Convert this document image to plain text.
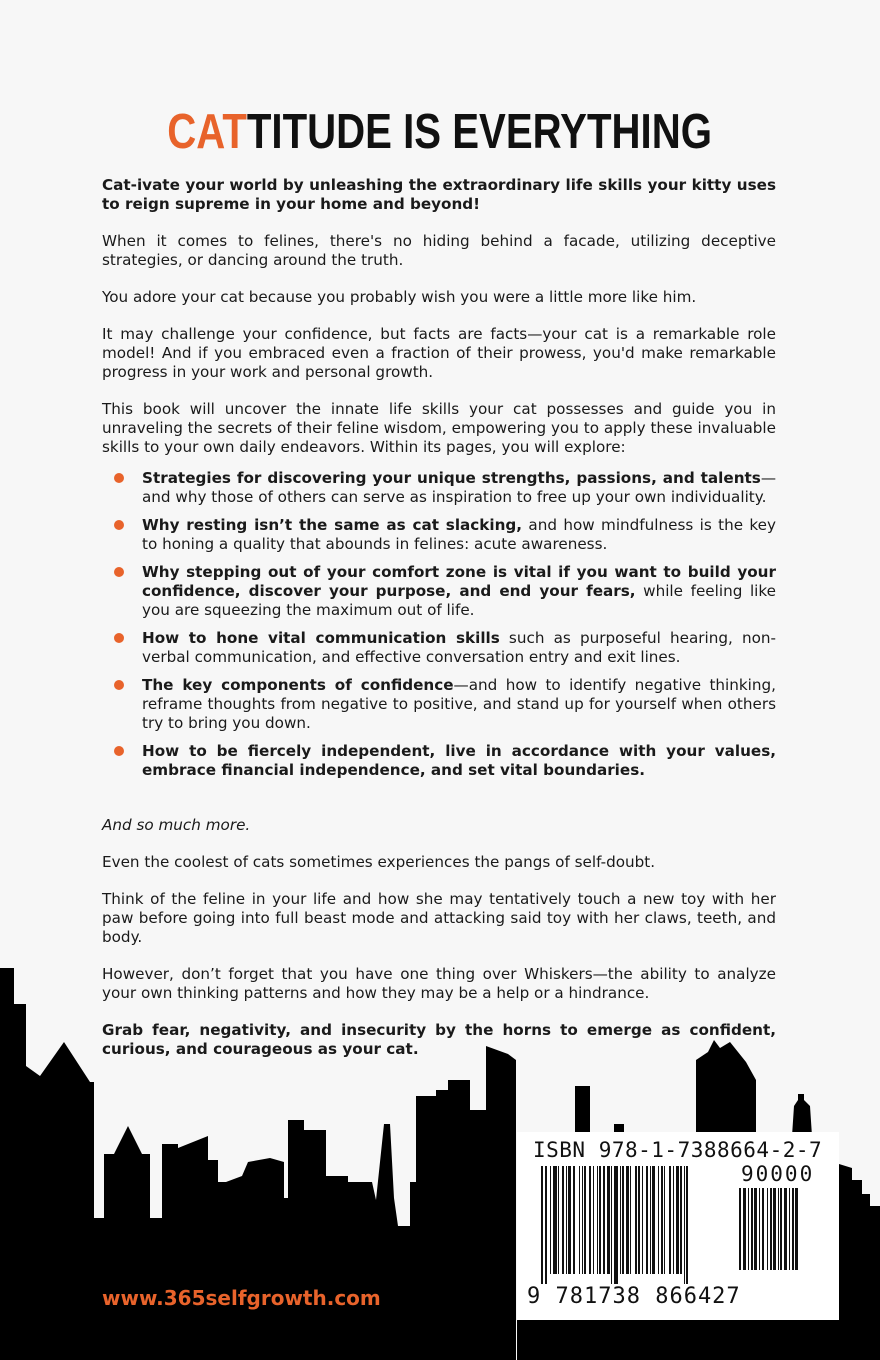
CATTITUDE IS EVERYTHING

Cat-ivate your world by unleashing the extraordinary life skills your kitty uses to reign supreme in your home and beyond!

When it comes to felines, there's no hiding behind a facade, utilizing deceptive strategies, or dancing around the truth.

You adore your cat because you probably wish you were a little more like him.

It may challenge your confidence, but facts are facts—your cat is a remarkable role model! And if you embraced even a fraction of their prowess, you'd make remarkable progress in your work and personal growth.

This book will uncover the innate life skills your cat possesses and guide you in unraveling the secrets of their feline wisdom, empowering you to apply these invaluable skills to your own daily endeavors. Within its pages, you will explore:

Strategies for discovering your unique strengths, passions, and talents—and why those of others can serve as inspiration to free up your own individuality.
Why resting isn’t the same as cat slacking, and how mindfulness is the key to honing a quality that abounds in felines: acute awareness.
Why stepping out of your comfort zone is vital if you want to build your confidence, discover your purpose, and end your fears, while feeling like you are squeezing the maximum out of life.
How to hone vital communication skills such as purposeful hearing, non-verbal communication, and effective conversation entry and exit lines.
The key components of confidence—and how to identify negative thinking, reframe thoughts from negative to positive, and stand up for yourself when others try to bring you down.
How to be fiercely independent, live in accordance with your values, embrace financial independence, and set vital boundaries.

And so much more.

Even the coolest of cats sometimes experiences the pangs of self-doubt.

Think of the feline in your life and how she may tentatively touch a new toy with her paw before going into full beast mode and attacking said toy with her claws, teeth, and body.

However, don’t forget that you have one thing over Whiskers—the ability to analyze your own thinking patterns and how they may be a help or a hindrance.

Grab fear, negativity, and insecurity by the horns to emerge as confident, curious, and courageous as your cat.

www.365selfgrowth.com
ISBN 978-1-7388664-2-7
90000
9 781738 866427
